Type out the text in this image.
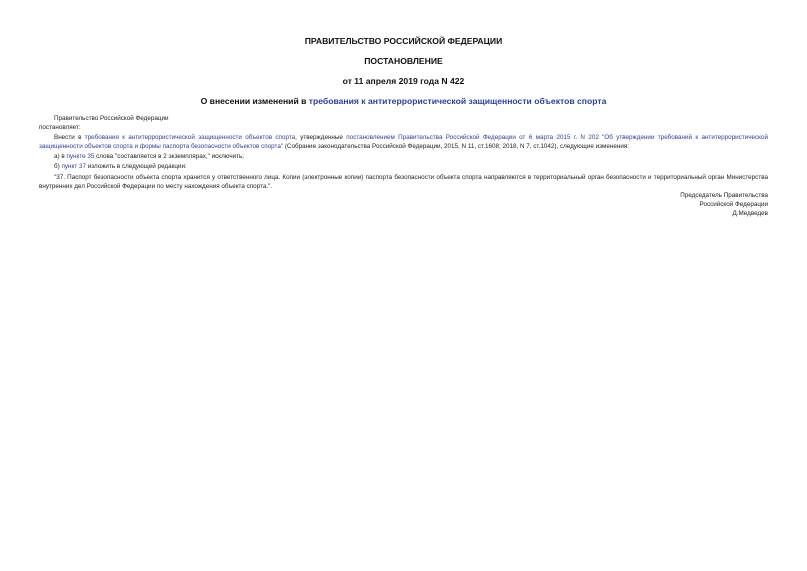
ПРАВИТЕЛЬСТВО РОССИЙСКОЙ ФЕДЕРАЦИИ
ПОСТАНОВЛЕНИЕ
от 11 апреля 2019 года N 422
О внесении изменений в требования к антитеррористической защищенности объектов спорта

Правительство Российской Федерации

постановляет:

Внести в требования к антитеррористической защищенности объектов спорта, утвержденные постановлением Правительства Российской Федерации от 6 марта 2015 г. N 202 "Об утверждении требований к антитеррористической защищенности объектов спорта и формы паспорта безопасности объектов спорта" (Собрание законодательства Российской Федерации, 2015, N 11, ст.1608; 2018, N 7, ст.1042), следующие изменения:

а) в пункте 35 слова "составляется в 2 экземплярах," исключить;

б) пункт 37 изложить в следующей редакции:

"37. Паспорт безопасности объекта спорта хранится у ответственного лица. Копии (электронные копии) паспорта безопасности объекта спорта направляются в территориальный орган безопасности и территориальный орган Министерства внутренних дел Российской Федерации по месту нахождения объекта спорта.".

Председатель Правительства

Российской Федерации

Д.Медведев
